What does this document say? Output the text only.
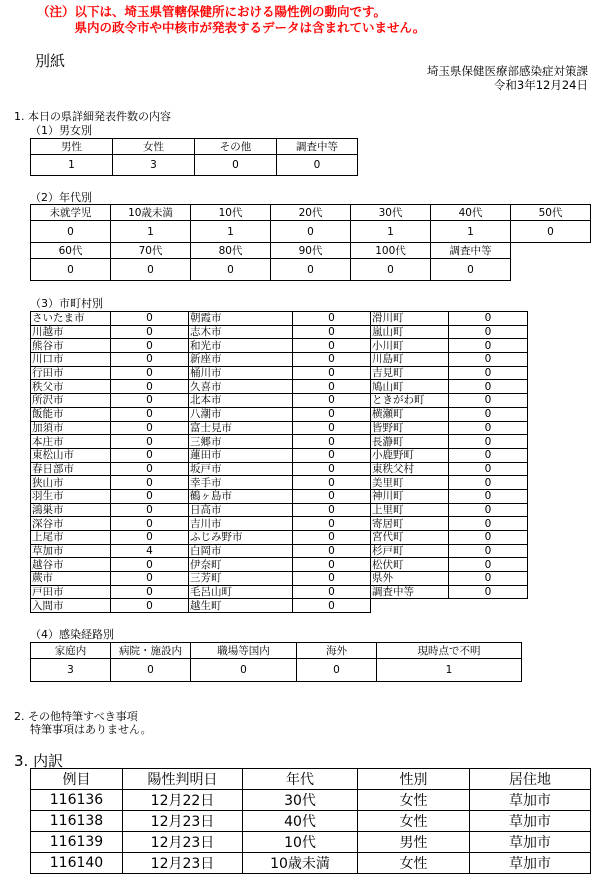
（注）以下は、埼玉県管轄保健所における陽性例の動向です。
　　　県内の政令市や中核市が発表するデータは含まれていません。
別紙
埼玉県保健医療部感染症対策課
令和3年12月24日
1. 本日の県詳細発表件数の内容
（1）男女別
男性	女性	その他	調査中等
1	3	0	0
（2）年代別
未就学児	10歳未満	10代	20代	30代	40代	50代
0	1	1	0	1	1	0
60代	70代	80代	90代	100代	調査中等	
0	0	0	0	0	0	
（3）市町村別
さいたま市	0	朝霞市	0	滑川町	0
川越市	0	志木市	0	嵐山町	0
熊谷市	0	和光市	0	小川町	0
川口市	0	新座市	0	川島町	0
行田市	0	桶川市	0	吉見町	0
秩父市	0	久喜市	0	鳩山町	0
所沢市	0	北本市	0	ときがわ町	0
飯能市	0	八潮市	0	横瀬町	0
加須市	0	富士見市	0	皆野町	0
本庄市	0	三郷市	0	長瀞町	0
東松山市	0	蓮田市	0	小鹿野町	0
春日部市	0	坂戸市	0	東秩父村	0
狭山市	0	幸手市	0	美里町	0
羽生市	0	鶴ヶ島市	0	神川町	0
鴻巣市	0	日高市	0	上里町	0
深谷市	0	吉川市	0	寄居町	0
上尾市	0	ふじみ野市	0	宮代町	0
草加市	4	白岡市	0	杉戸町	0
越谷市	0	伊奈町	0	松伏町	0
蕨市	0	三芳町	0	県外	0
戸田市	0	毛呂山町	0	調査中等	0
入間市	0	越生町	0		
（4）感染経路別
家庭内	病院・施設内	職場等国内	海外	現時点で不明
3	0	0	0	1
2. その他特筆すべき事項
特筆事項はありません。
3. 内訳
例目	陽性判明日	年代	性別	居住地
116136	12月22日	30代	女性	草加市
116138	12月23日	40代	女性	草加市
116139	12月23日	10代	男性	草加市
116140	12月23日	10歳未満	女性	草加市
